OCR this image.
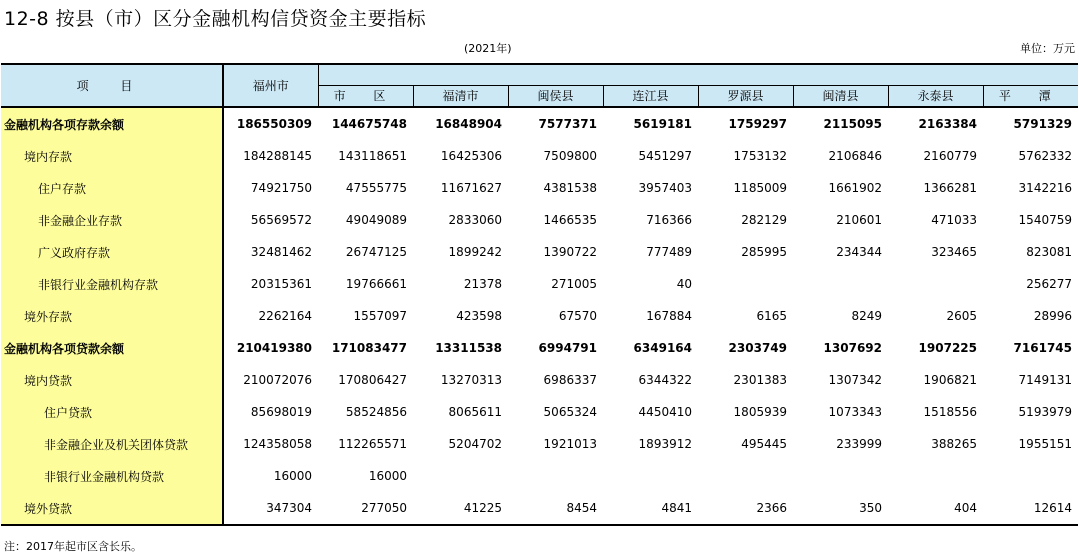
12-8 按县（市）区分金融机构信贷资金主要指标
(2021年)	单位：万元
项 目	福州市								
		市 区	福清市	闽侯县	连江县	罗源县	闽清县	永泰县	平 潭
金融机构各项存款余额	186550309	144675748	16848904	7577371	5619181	1759297	2115095	2163384	5791329
境内存款	184288145	143118651	16425306	7509800	5451297	1753132	2106846	2160779	5762332
住户存款	74921750	47555775	11671627	4381538	3957403	1185009	1661902	1366281	3142216
非金融企业存款	56569572	49049089	2833060	1466535	716366	282129	210601	471033	1540759
广义政府存款	32481462	26747125	1899242	1390722	777489	285995	234344	323465	823081
非银行业金融机构存款	20315361	19766661	21378	271005	40				256277
境外存款	2262164	1557097	423598	67570	167884	6165	8249	2605	28996
金融机构各项贷款余额	210419380	171083477	13311538	6994791	6349164	2303749	1307692	1907225	7161745
境内贷款	210072076	170806427	13270313	6986337	6344322	2301383	1307342	1906821	7149131
住户贷款	85698019	58524856	8065611	5065324	4450410	1805939	1073343	1518556	5193979
非金融企业及机关团体贷款	124358058	112265571	5204702	1921013	1893912	495445	233999	388265	1955151
非银行业金融机构贷款	16000	16000							
境外贷款	347304	277050	41225	8454	4841	2366	350	404	12614
注：2017年起市区含长乐。
